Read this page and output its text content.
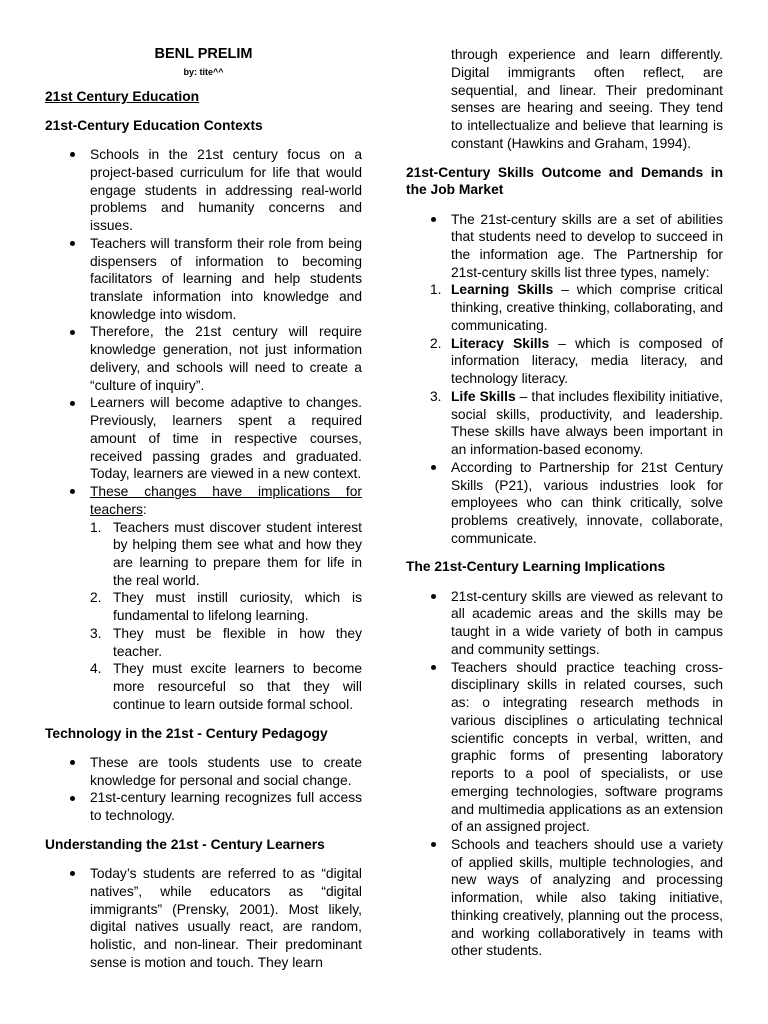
BENL PRELIM
by: tite^^
21st Century Education
21st-Century Education Contexts
Schools in the 21st century focus on a project-based curriculum for life that would engage students in addressing real-world problems and humanity concerns and issues.
Teachers will transform their role from being dispensers of information to becoming facilitators of learning and help students translate information into knowledge and knowledge into wisdom.
Therefore, the 21st century will require knowledge generation, not just information delivery, and schools will need to create a “culture of inquiry”.
Learners will become adaptive to changes. Previously, learners spent a required amount of time in respective courses, received passing grades and graduated. Today, learners are viewed in a new context.
These changes have implications for teachers:
1. Teachers must discover student interest by helping them see what and how they are learning to prepare them for life in the real world.
2. They must instill curiosity, which is fundamental to lifelong learning.
3. They must be flexible in how they teacher.
4. They must excite learners to become more resourceful so that they will continue to learn outside formal school.
Technology in the 21st - Century Pedagogy
These are tools students use to create knowledge for personal and social change.
21st-century learning recognizes full access to technology.
Understanding the 21st - Century Learners
Today’s students are referred to as “digital natives”, while educators as “digital immigrants” (Prensky, 2001). Most likely, digital natives usually react, are random, holistic, and non-linear. Their predominant sense is motion and touch. They learn
through experience and learn differently. Digital immigrants often reflect, are sequential, and linear. Their predominant senses are hearing and seeing. They tend to intellectualize and believe that learning is constant (Hawkins and Graham, 1994).
21st-Century Skills Outcome and Demands in the Job Market
The 21st-century skills are a set of abilities that students need to develop to succeed in the information age. The Partnership for 21st-century skills list three types, namely:
1. Learning Skills – which comprise critical thinking, creative thinking, collaborating, and communicating.
2. Literacy Skills – which is composed of information literacy, media literacy, and technology literacy.
3. Life Skills – that includes flexibility initiative, social skills, productivity, and leadership. These skills have always been important in an information-based economy.
According to Partnership for 21st Century Skills (P21), various industries look for employees who can think critically, solve problems creatively, innovate, collaborate, communicate.
The 21st-Century Learning Implications
21st-century skills are viewed as relevant to all academic areas and the skills may be taught in a wide variety of both in campus and community settings.
Teachers should practice teaching cross-disciplinary skills in related courses, such as: o integrating research methods in various disciplines o articulating technical scientific concepts in verbal, written, and graphic forms of presenting laboratory reports to a pool of specialists, or use emerging technologies, software programs and multimedia applications as an extension of an assigned project.
Schools and teachers should use a variety of applied skills, multiple technologies, and new ways of analyzing and processing information, while also taking initiative, thinking creatively, planning out the process, and working collaboratively in teams with other students.
